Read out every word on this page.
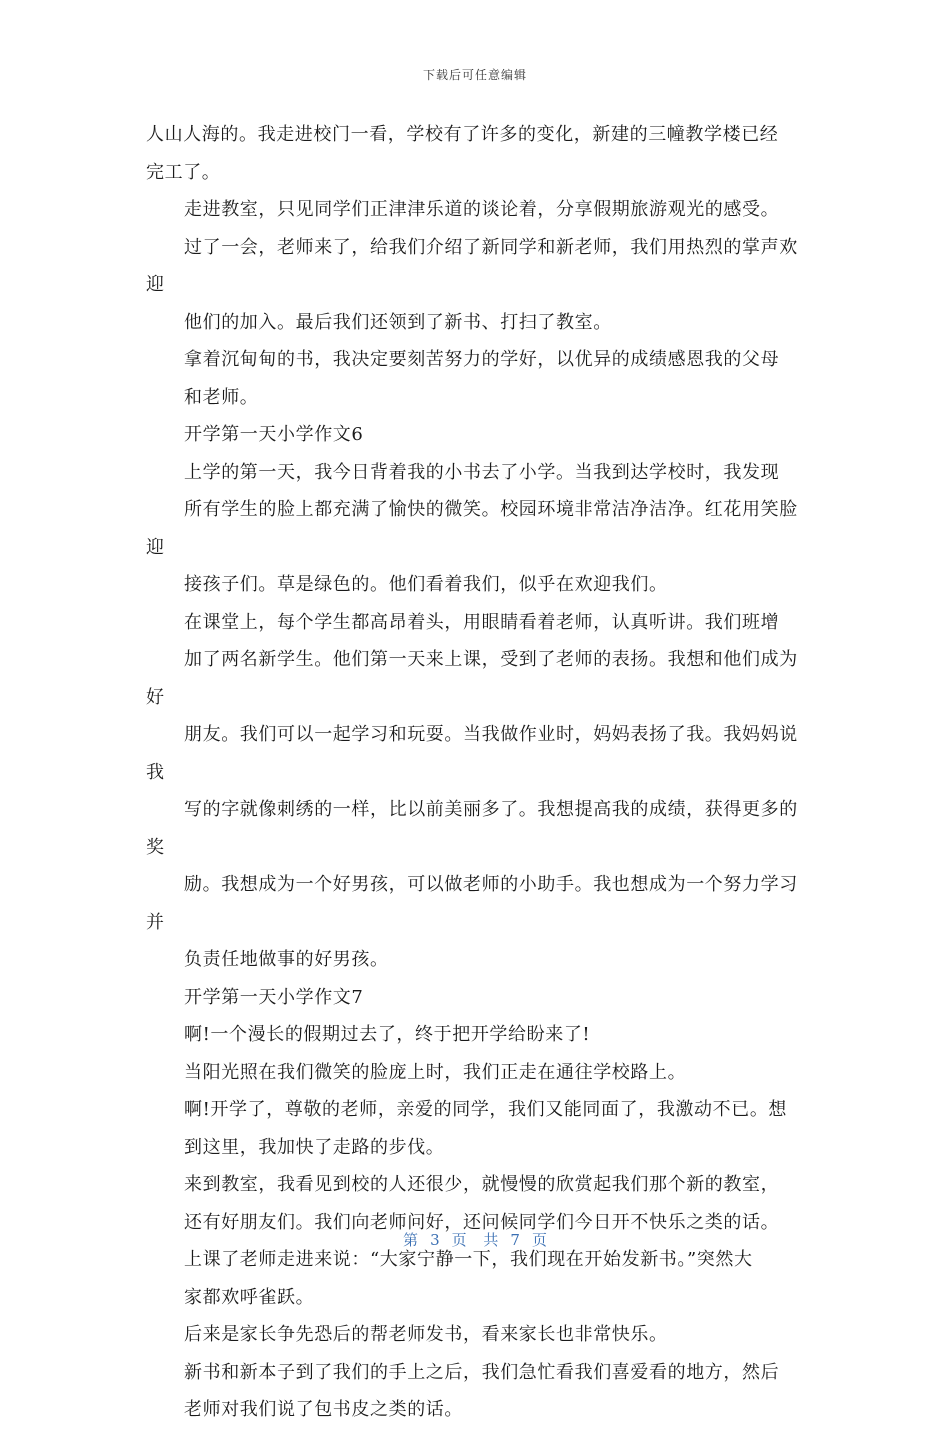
下载后可任意编辑

人山人海的。我走进校门一看，学校有了许多的变化，新建的三幢教学楼已经
完工了。

走进教室，只见同学们正津津乐道的谈论着，分享假期旅游观光的感受。
过了一会，老师来了，给我们介绍了新同学和新老师，我们用热烈的掌声欢迎
他们的加入。最后我们还领到了新书、打扫了教室。

拿着沉甸甸的书，我决定要刻苦努力的学好，以优异的成绩感恩我的父母
和老师。

开学第一天小学作文6

上学的第一天，我今日背着我的小书去了小学。当我到达学校时，我发现
所有学生的脸上都充满了愉快的微笑。校园环境非常洁净洁净。红花用笑脸迎
接孩子们。草是绿色的。他们看着我们，似乎在欢迎我们。

在课堂上，每个学生都高昂着头，用眼睛看着老师，认真听讲。我们班增
加了两名新学生。他们第一天来上课，受到了老师的表扬。我想和他们成为好
朋友。我们可以一起学习和玩耍。当我做作业时，妈妈表扬了我。我妈妈说我
写的字就像刺绣的一样，比以前美丽多了。我想提高我的成绩，获得更多的奖
励。我想成为一个好男孩，可以做老师的小助手。我也想成为一个努力学习并
负责任地做事的好男孩。

开学第一天小学作文7

啊!一个漫长的假期过去了，终于把开学给盼来了!

当阳光照在我们微笑的脸庞上时，我们正走在通往学校路上。

啊!开学了，尊敬的老师，亲爱的同学，我们又能同面了，我激动不已。想
到这里，我加快了走路的步伐。

来到教室，我看见到校的人还很少，就慢慢的欣赏起我们那个新的教室，
还有好朋友们。我们向老师问好，还问候同学们今日开不快乐之类的话。

上课了老师走进来说：“大家宁静一下，我们现在开始发新书。”突然大
家都欢呼雀跃。

后来是家长争先恐后的帮老师发书，看来家长也非常快乐。

新书和新本子到了我们的手上之后，我们急忙看我们喜爱看的地方，然后
老师对我们说了包书皮之类的话。

第 3 页 共 7 页
